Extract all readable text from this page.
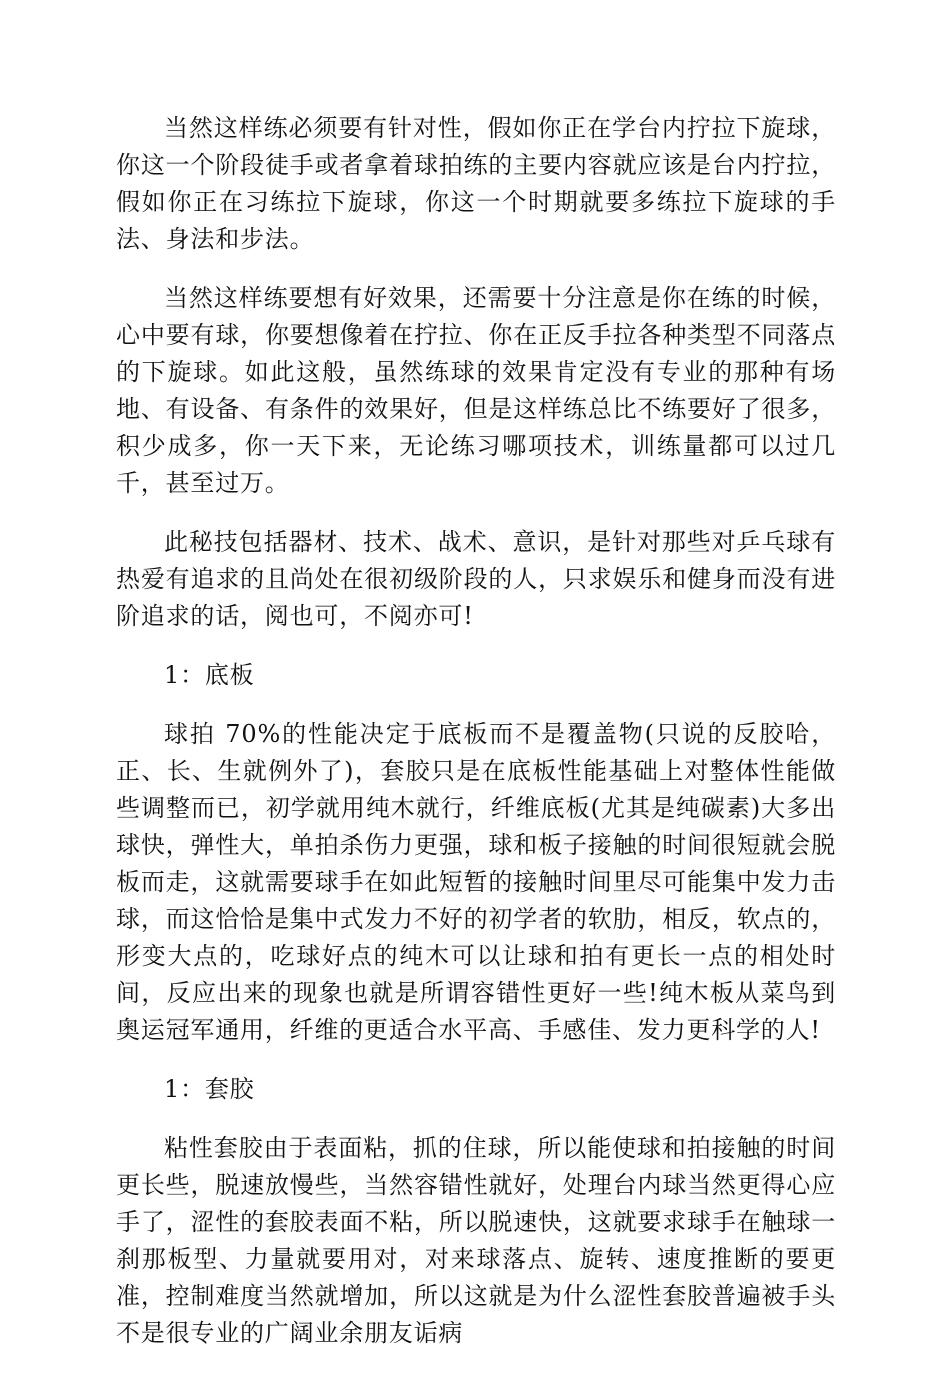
当然这样练必须要有针对性，假如你正在学台内拧拉下旋球，你这一个阶段徒手或者拿着球拍练的主要内容就应该是台内拧拉，假如你正在习练拉下旋球，你这一个时期就要多练拉下旋球的手法、身法和步法。

当然这样练要想有好效果，还需要十分注意是你在练的时候，心中要有球，你要想像着在拧拉、你在正反手拉各种类型不同落点的下旋球。如此这般，虽然练球的效果肯定没有专业的那种有场地、有设备、有条件的效果好，但是这样练总比不练要好了很多，积少成多，你一天下来，无论练习哪项技术，训练量都可以过几千，甚至过万。

此秘技包括器材、技术、战术、意识，是针对那些对乒乓球有热爱有追求的且尚处在很初级阶段的人，只求娱乐和健身而没有进阶追求的话，阅也可，不阅亦可!

1：底板

球拍 70%的性能决定于底板而不是覆盖物(只说的反胶哈，正、长、生就例外了)，套胶只是在底板性能基础上对整体性能做些调整而已，初学就用纯木就行，纤维底板(尤其是纯碳素)大多出球快，弹性大，单拍杀伤力更强，球和板子接触的时间很短就会脱板而走，这就需要球手在如此短暂的接触时间里尽可能集中发力击球，而这恰恰是集中式发力不好的初学者的软肋，相反，软点的，形变大点的，吃球好点的纯木可以让球和拍有更长一点的相处时间，反应出来的现象也就是所谓容错性更好一些!纯木板从菜鸟到奥运冠军通用，纤维的更适合水平高、手感佳、发力更科学的人!

1：套胶

粘性套胶由于表面粘，抓的住球，所以能使球和拍接触的时间更长些，脱速放慢些，当然容错性就好，处理台内球当然更得心应手了，涩性的套胶表面不粘，所以脱速快，这就要求球手在触球一刹那板型、力量就要用对，对来球落点、旋转、速度推断的要更准，控制难度当然就增加，所以这就是为什么涩性套胶普遍被手头不是很专业的广阔业余朋友诟病
